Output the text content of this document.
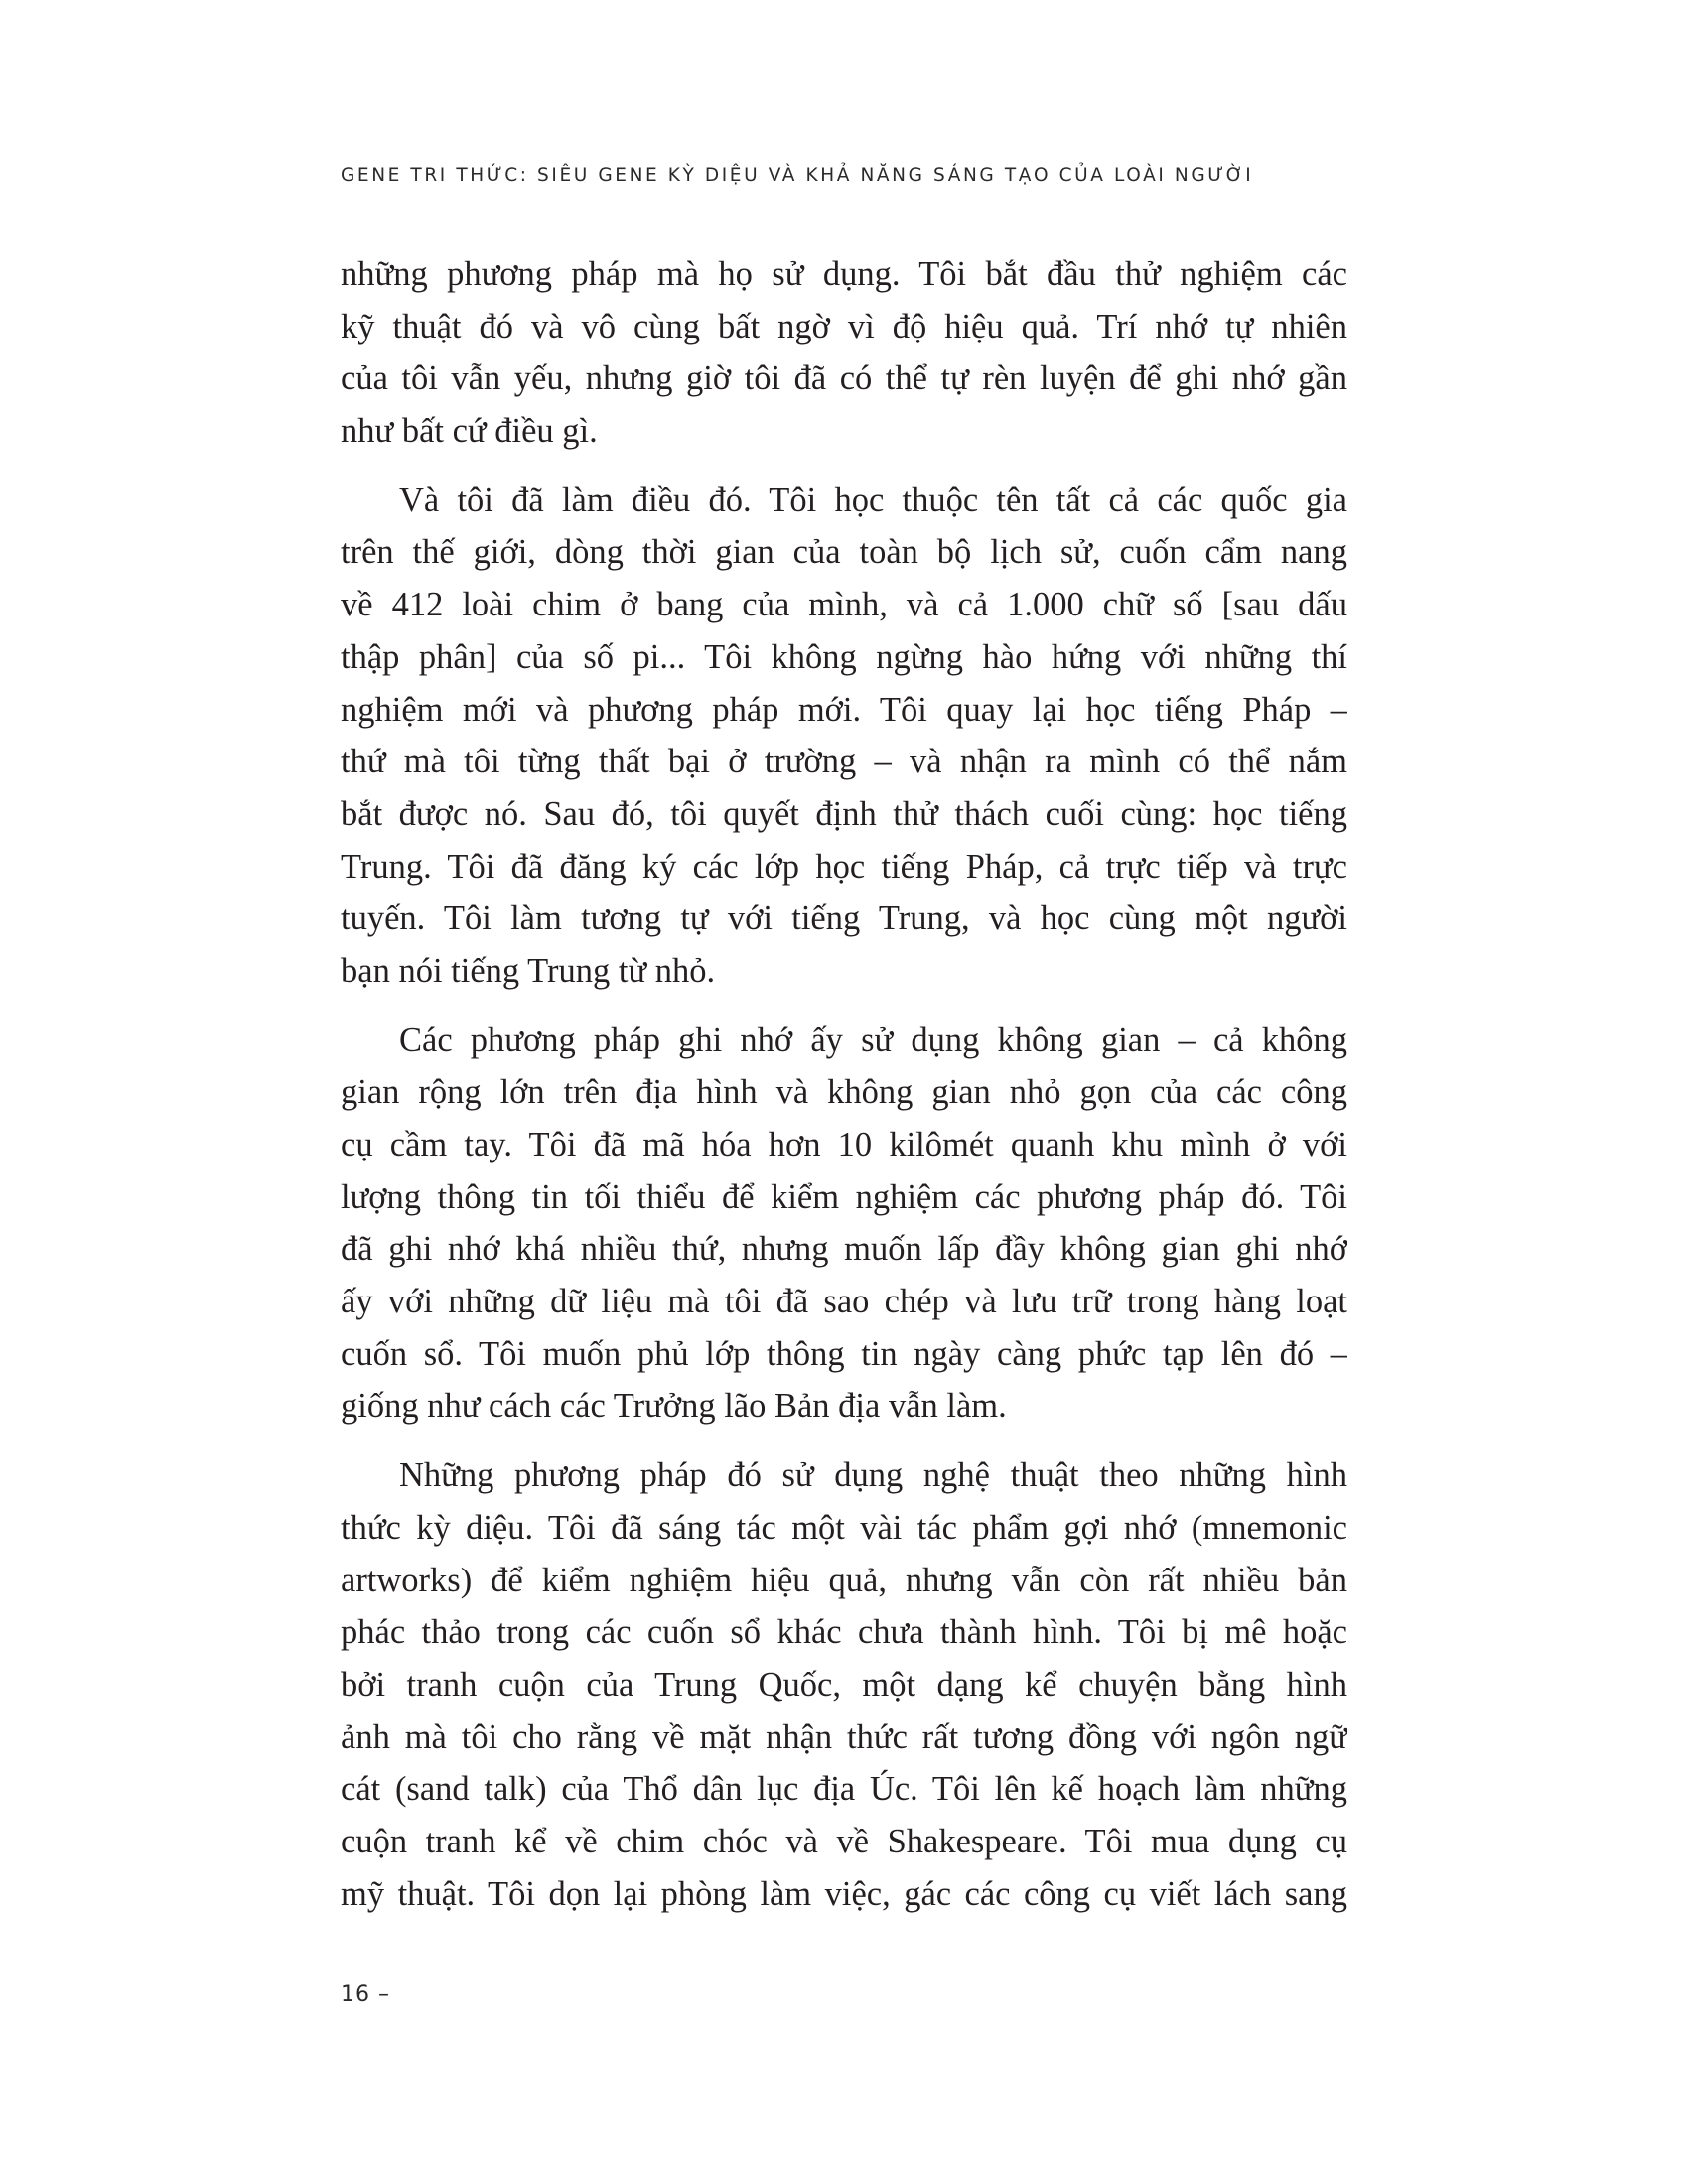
GENE TRI THỨC: SIÊU GENE KỲ DIỆU VÀ KHẢ NĂNG SÁNG TẠO CỦA LOÀI NGƯỜI
những phương pháp mà họ sử dụng. Tôi bắt đầu thử nghiệm các
kỹ thuật đó và vô cùng bất ngờ vì độ hiệu quả. Trí nhớ tự nhiên
của tôi vẫn yếu, nhưng giờ tôi đã có thể tự rèn luyện để ghi nhớ gần
như bất cứ điều gì.
Và tôi đã làm điều đó. Tôi học thuộc tên tất cả các quốc gia
trên thế giới, dòng thời gian của toàn bộ lịch sử, cuốn cẩm nang
về 412 loài chim ở bang của mình, và cả 1.000 chữ số [sau dấu
thập phân] của số pi... Tôi không ngừng hào hứng với những thí
nghiệm mới và phương pháp mới. Tôi quay lại học tiếng Pháp –
thứ mà tôi từng thất bại ở trường – và nhận ra mình có thể nắm
bắt được nó. Sau đó, tôi quyết định thử thách cuối cùng: học tiếng
Trung. Tôi đã đăng ký các lớp học tiếng Pháp, cả trực tiếp và trực
tuyến. Tôi làm tương tự với tiếng Trung, và học cùng một người
bạn nói tiếng Trung từ nhỏ.
Các phương pháp ghi nhớ ấy sử dụng không gian – cả không
gian rộng lớn trên địa hình và không gian nhỏ gọn của các công
cụ cầm tay. Tôi đã mã hóa hơn 10 kilômét quanh khu mình ở với
lượng thông tin tối thiểu để kiểm nghiệm các phương pháp đó. Tôi
đã ghi nhớ khá nhiều thứ, nhưng muốn lấp đầy không gian ghi nhớ
ấy với những dữ liệu mà tôi đã sao chép và lưu trữ trong hàng loạt
cuốn sổ. Tôi muốn phủ lớp thông tin ngày càng phức tạp lên đó –
giống như cách các Trưởng lão Bản địa vẫn làm.
Những phương pháp đó sử dụng nghệ thuật theo những hình
thức kỳ diệu. Tôi đã sáng tác một vài tác phẩm gợi nhớ (mnemonic
artworks) để kiểm nghiệm hiệu quả, nhưng vẫn còn rất nhiều bản
phác thảo trong các cuốn sổ khác chưa thành hình. Tôi bị mê hoặc
bởi tranh cuộn của Trung Quốc, một dạng kể chuyện bằng hình
ảnh mà tôi cho rằng về mặt nhận thức rất tương đồng với ngôn ngữ
cát (sand talk) của Thổ dân lục địa Úc. Tôi lên kế hoạch làm những
cuộn tranh kể về chim chóc và về Shakespeare. Tôi mua dụng cụ
mỹ thuật. Tôi dọn lại phòng làm việc, gác các công cụ viết lách sang
16 –
